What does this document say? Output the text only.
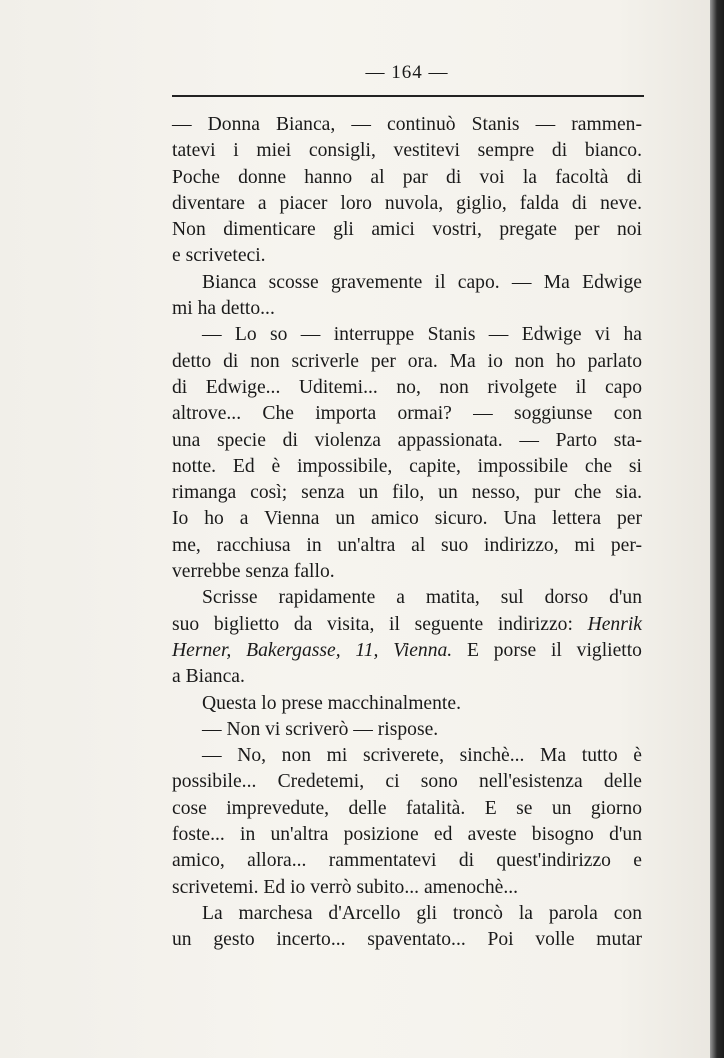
— 164 —
— Donna Bianca, — continuò Stanis — rammen-
tatevi i miei consigli, vestitevi sempre di bianco.
Poche donne hanno al par di voi la facoltà di
diventare a piacer loro nuvola, giglio, falda di neve.
Non dimenticare gli amici vostri, pregate per noi
e scriveteci.
Bianca scosse gravemente il capo. — Ma Edwige
mi ha detto...
— Lo so — interruppe Stanis — Edwige vi ha
detto di non scriverle per ora. Ma io non ho parlato
di Edwige... Uditemi... no, non rivolgete il capo
altrove... Che importa ormai? — soggiunse con
una specie di violenza appassionata. — Parto sta-
notte. Ed è impossibile, capite, impossibile che si
rimanga così; senza un filo, un nesso, pur che sia.
Io ho a Vienna un amico sicuro. Una lettera per
me, racchiusa in un'altra al suo indirizzo, mi per-
verrebbe senza fallo.
Scrisse rapidamente a matita, sul dorso d'un
suo biglietto da visita, il seguente indirizzo: Henrik
Herner, Bakergasse, 11, Vienna. E porse il viglietto
a Bianca.
Questa lo prese macchinalmente.
— Non vi scriverò — rispose.
— No, non mi scriverete, sinchè... Ma tutto è
possibile... Credetemi, ci sono nell'esistenza delle
cose imprevedute, delle fatalità. E se un giorno
foste... in un'altra posizione ed aveste bisogno d'un
amico, allora... rammentatevi di quest'indirizzo e
scrivetemi. Ed io verrò subito... amenochè...
La marchesa d'Arcello gli troncò la parola con
un gesto incerto... spaventato... Poi volle mutar
